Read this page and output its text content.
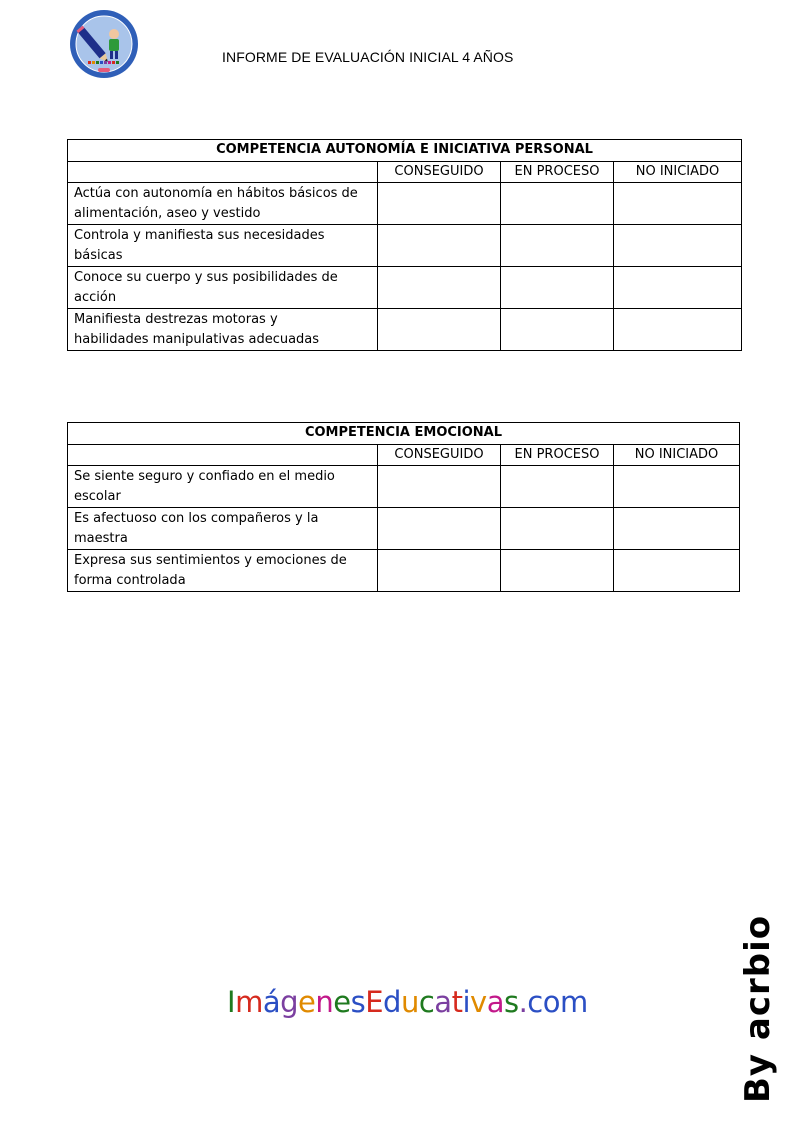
INFORME DE EVALUACIÓN INICIAL 4 AÑOS
COMPETENCIA AUTONOMÍA E INICIATIVA PERSONAL			
	CONSEGUIDO	EN PROCESO	NO INICIADO
Actúa con autonomía en hábitos básicos de
alimentación, aseo y vestido			
Controla y manifiesta sus necesidades
básicas			
Conoce su cuerpo y sus posibilidades de
acción			
Manifiesta destrezas motoras y
habilidades manipulativas adecuadas			
COMPETENCIA EMOCIONAL			
	CONSEGUIDO	EN PROCESO	NO INICIADO
Se siente seguro y confiado en el medio
escolar			
Es afectuoso con los compañeros y la
maestra			
Expresa sus sentimientos y emociones de
forma controlada			
ImágenesEducativas.com	By acrbio
